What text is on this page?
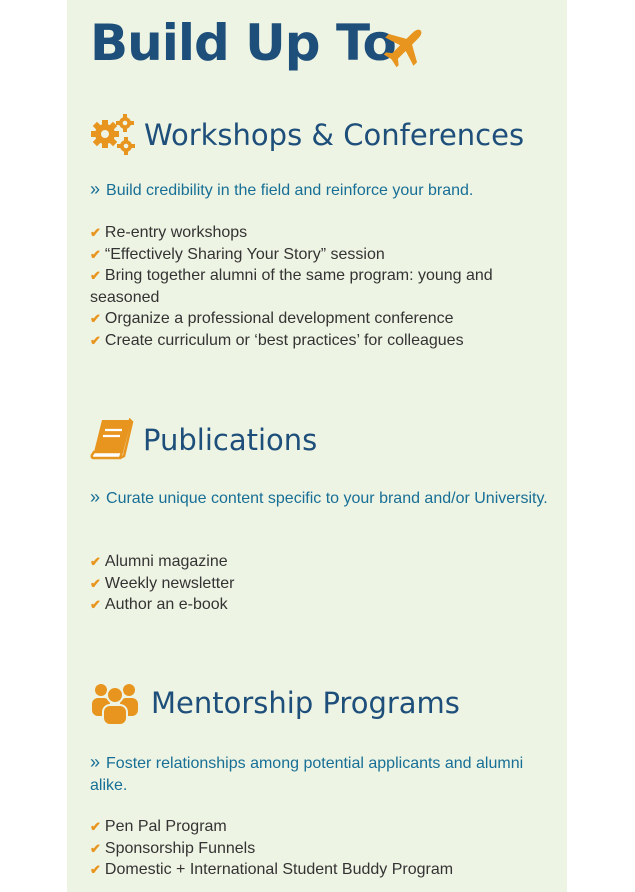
Build Up To
Workshops & Conferences
» Build credibility in the field and reinforce your brand.
✔ Re-entry workshops
✔ “Effectively Sharing Your Story” session
✔ Bring together alumni of the same program: young and seasoned
✔ Organize a professional development conference
✔ Create curriculum or ‘best practices’ for colleagues
Publications
» Curate unique content specific to your brand and/or University.
✔ Alumni magazine
✔ Weekly newsletter
✔ Author an e-book
Mentorship Programs
» Foster relationships among potential applicants and alumni alike.
✔ Pen Pal Program
✔ Sponsorship Funnels
✔ Domestic + International Student Buddy Program
